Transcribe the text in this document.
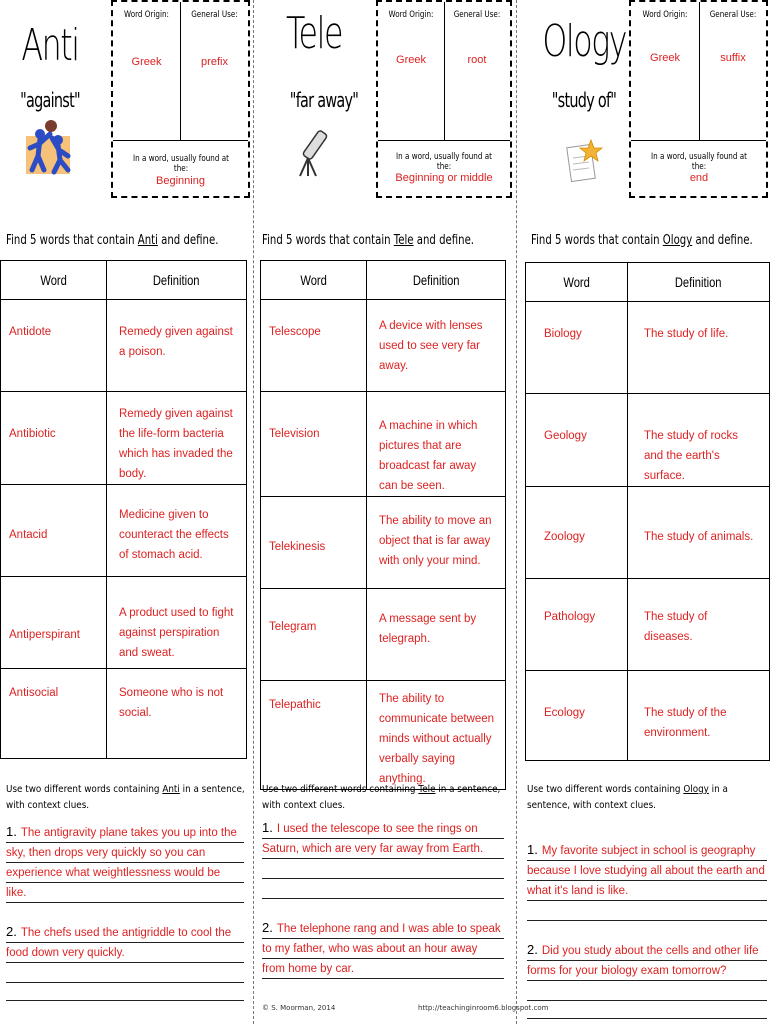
Anti
"against"
Word Origin:	General Use:
Greek	prefix
In a word, usually found at the:
Beginning
Find 5 words that contain Anti and define.
Word	Definition
Antidote	Remedy given against a poison.
Antibiotic	Remedy given against the life-form bacteria which has invaded the body.
Antacid	Medicine given to counteract the effects of stomach acid.
Antiperspirant	A product used to fight against perspiration and sweat.
Antisocial	Someone who is not social.
Use two different words containing Anti in a sentence, with context clues.
1. The antigravity plane takes you up into the sky, then drops very quickly so you can experience what weightlessness would be like.
2. The chefs used the antigriddle to cool the food down very quickly.
Tele
"far away"
Word Origin:	General Use:
Greek	root
In a word, usually found at the:
Beginning or middle
Find 5 words that contain Tele and define.
Word	Definition
Telescope	A device with lenses used to see very far away.
Television	A machine in which pictures that are broadcast far away can be seen.
Telekinesis	The ability to move an object that is far away with only your mind.
Telegram	A message sent by telegraph.
Telepathic	The ability to communicate between minds without actually verbally saying anything.
Use two different words containing Tele in a sentence, with context clues.
1. I used the telescope to see the rings on Saturn, which are very far away from Earth.
2. The telephone rang and I was able to speak to my father, who was about an hour away from home by car.
© S. Moorman, 2014	http://teachinginroom6.blogspot.com
Ology
"study of"
Word Origin:	General Use:
Greek	suffix
In a word, usually found at the:
end
Find 5 words that contain Ology and define.
Word	Definition
Biology	The study of life.
Geology	The study of rocks and the earth's surface.
Zoology	The study of animals.
Pathology	The study of diseases.
Ecology	The study of the environment.
Use two different words containing Ology in a sentence, with context clues.
1. My favorite subject in school is geography because I love studying all about the earth and what it's land is like.
2. Did you study about the cells and other life forms for your biology exam tomorrow?
